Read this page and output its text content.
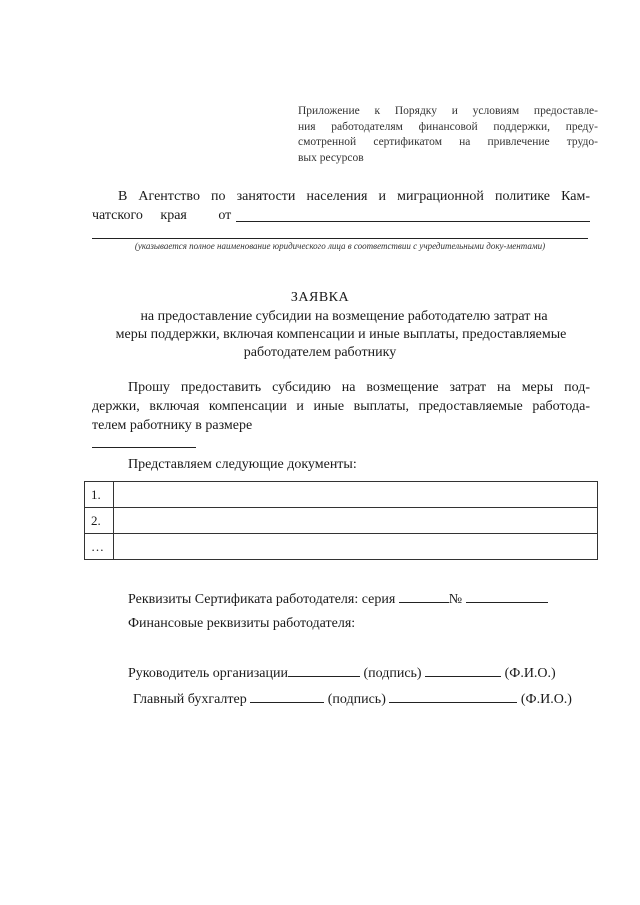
Приложение к Порядку и условиям предоставле-
ния работодателям финансовой поддержки, преду-
смотренной сертификатом на привлечение трудо-
вых ресурсов
В Агентство по занятости населения и миграционной политике Кам-
чатского края от
(указывается полное наименование юридического лица в соответствии с учредительными доку-ментами)
ЗАЯВКА
на предоставление субсидии на возмещение работодателю затрат на
меры поддержки, включая компенсации и иные выплаты, предоставляемые
работодателем работнику
Прошу предоставить субсидию на возмещение затрат на меры под-
держки, включая компенсации и иные выплаты, предоставляемые работода-
телем работнику в размере
Представляем следующие документы:
1.	
2.	
…	
Реквизиты Сертификата работодателя: серия	№
Финансовые реквизиты работодателя:
Руководитель организации	(подпись)	(Ф.И.О.)
Главный бухгалтер	(подпись)	(Ф.И.О.)
